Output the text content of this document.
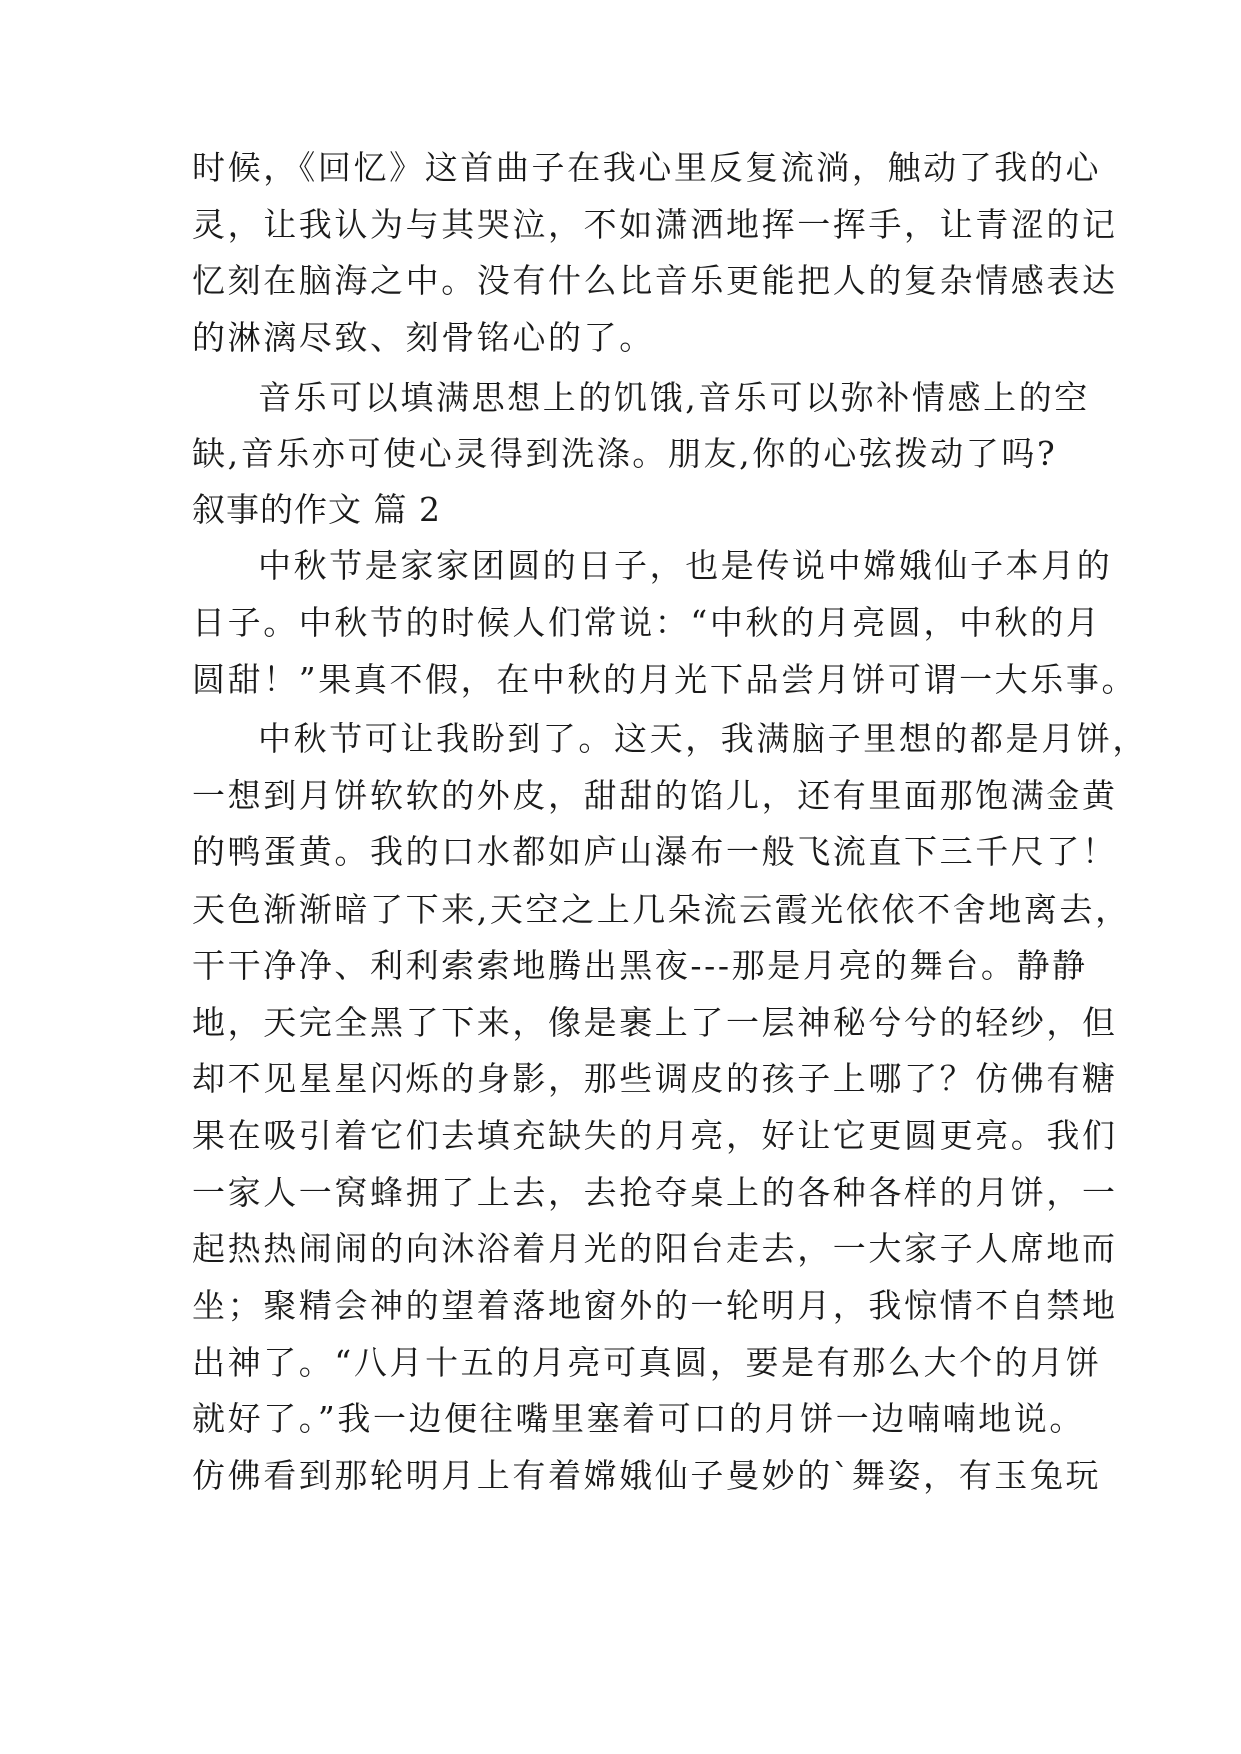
时候，《回忆》这首曲子在我心里反复流淌，触动了我的心
灵，让我认为与其哭泣，不如潇洒地挥一挥手，让青涩的记
忆刻在脑海之中。没有什么比音乐更能把人的复杂情感表达
的淋漓尽致、刻骨铭心的了。
音乐可以填满思想上的饥饿,音乐可以弥补情感上的空
缺,音乐亦可使心灵得到洗涤。朋友,你的心弦拨动了吗?
叙事的作文 篇 2
中秋节是家家团圆的日子，也是传说中嫦娥仙子本月的
日子。中秋节的时候人们常说：“中秋的月亮圆，中秋的月
圆甜！”果真不假，在中秋的月光下品尝月饼可谓一大乐事。
中秋节可让我盼到了。这天，我满脑子里想的都是月饼，
一想到月饼软软的外皮，甜甜的馅儿，还有里面那饱满金黄
的鸭蛋黄。我的口水都如庐山瀑布一般飞流直下三千尺了！
天色渐渐暗了下来,天空之上几朵流云霞光依依不舍地离去，
干干净净、利利索索地腾出黑夜---那是月亮的舞台。静静
地，天完全黑了下来，像是裹上了一层神秘兮兮的轻纱，但
却不见星星闪烁的身影，那些调皮的孩子上哪了？仿佛有糖
果在吸引着它们去填充缺失的月亮，好让它更圆更亮。我们
一家人一窝蜂拥了上去，去抢夺桌上的各种各样的月饼，一
起热热闹闹的向沐浴着月光的阳台走去，一大家子人席地而
坐；聚精会神的望着落地窗外的一轮明月，我惊情不自禁地
出神了。“八月十五的月亮可真圆，要是有那么大个的月饼
就好了。”我一边便往嘴里塞着可口的月饼一边喃喃地说。
仿佛看到那轮明月上有着嫦娥仙子曼妙的`舞姿，有玉兔玩
